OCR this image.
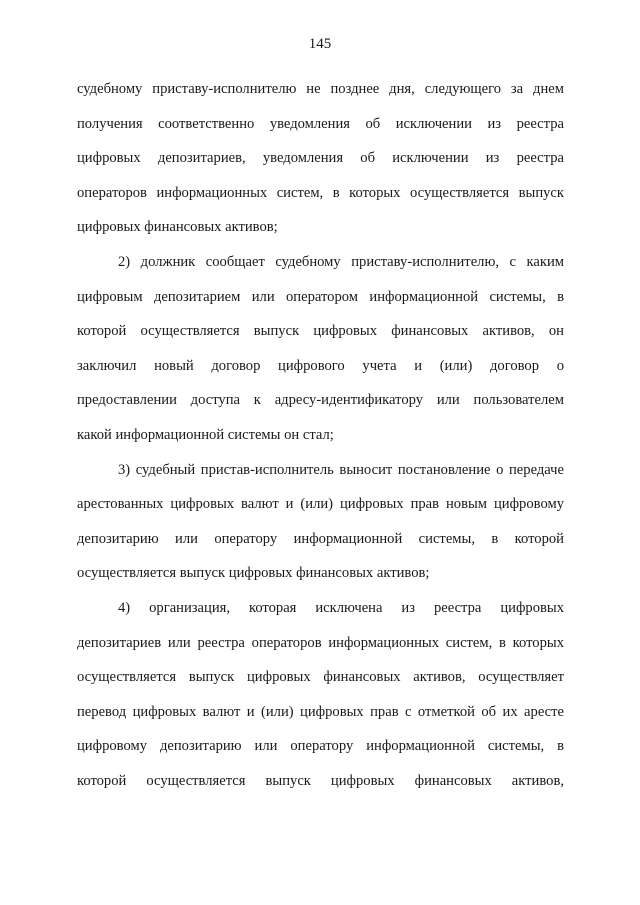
145
судебному приставу-исполнителю не позднее дня, следующего за днем
получения соответственно уведомления об исключении из реестра
цифровых депозитариев, уведомления об исключении из реестра
операторов информационных систем, в которых осуществляется выпуск
цифровых финансовых активов;
2) должник сообщает судебному приставу-исполнителю, с каким
цифровым депозитарием или оператором информационной системы, в
которой осуществляется выпуск цифровых финансовых активов, он
заключил новый договор цифрового учета и (или) договор о
предоставлении доступа к адресу-идентификатору или пользователем
какой информационной системы он стал;
3) судебный пристав-исполнитель выносит постановление о передаче
арестованных цифровых валют и (или) цифровых прав новым цифровому
депозитарию или оператору информационной системы, в которой
осуществляется выпуск цифровых финансовых активов;
4) организация, которая исключена из реестра цифровых
депозитариев или реестра операторов информационных систем, в которых
осуществляется выпуск цифровых финансовых активов, осуществляет
перевод цифровых валют и (или) цифровых прав с отметкой об их аресте
цифровому депозитарию или оператору информационной системы, в
которой осуществляется выпуск цифровых финансовых активов,
